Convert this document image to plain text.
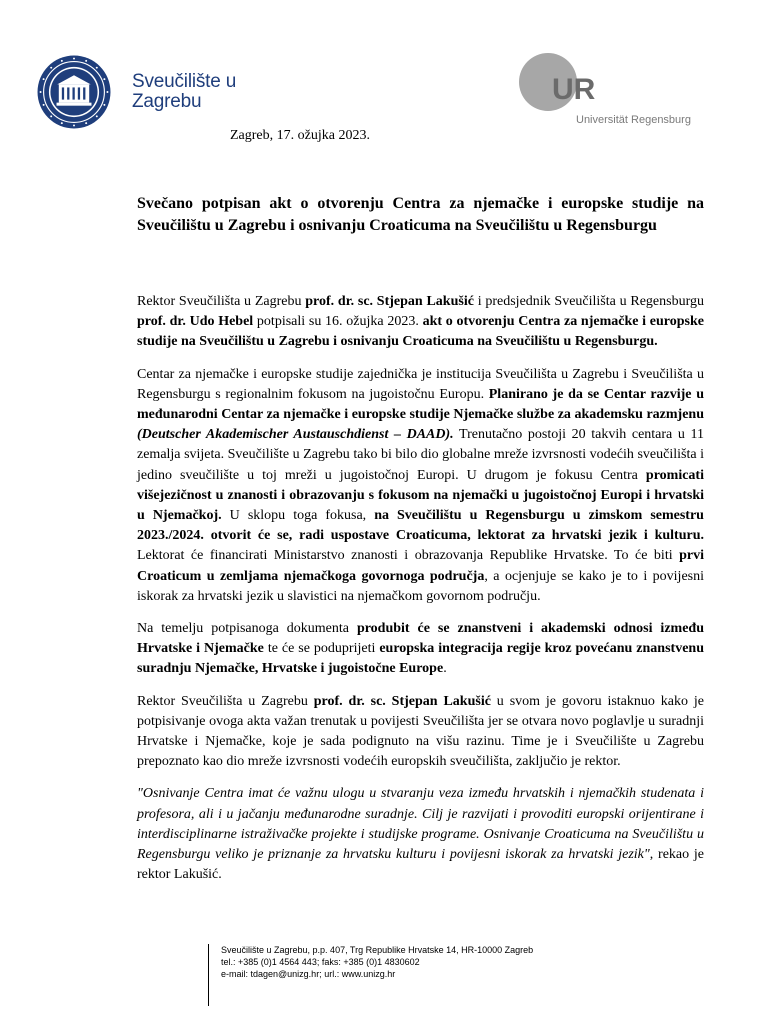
Sveučilište u
Zagrebu	UR
Universität Regensburg
Zagreb, 17. ožujka 2023.
Svečano potpisan akt o otvorenju Centra za njemačke i europske studije na Sveučilištu u Zagrebu i osnivanju Croaticuma na Sveučilištu u Regensburgu

Rektor Sveučilišta u Zagrebu prof. dr. sc. Stjepan Lakušić i predsjednik Sveučilišta u Regensburgu prof. dr. Udo Hebel potpisali su 16. ožujka 2023. akt o otvorenju Centra za njemačke i europske studije na Sveučilištu u Zagrebu i osnivanju Croaticuma na Sveučilištu u Regensburgu.

Centar za njemačke i europske studije zajednička je institucija Sveučilišta u Zagrebu i Sveučilišta u Regensburgu s regionalnim fokusom na jugoistočnu Europu. Planirano je da se Centar razvije u međunarodni Centar za njemačke i europske studije Njemačke službe za akademsku razmjenu (Deutscher Akademischer Austauschdienst – DAAD). Trenutačno postoji 20 takvih centara u 11 zemalja svijeta. Sveučilište u Zagrebu tako bi bilo dio globalne mreže izvrsnosti vodećih sveučilišta i jedino sveučilište u toj mreži u jugoistočnoj Europi. U drugom je fokusu Centra promicati višejezičnost u znanosti i obrazovanju s fokusom na njemački u jugoistočnoj Europi i hrvatski u Njemačkoj. U sklopu toga fokusa, na Sveučilištu u Regensburgu u zimskom semestru 2023./2024. otvorit će se, radi uspostave Croaticuma, lektorat za hrvatski jezik i kulturu. Lektorat će financirati Ministarstvo znanosti i obrazovanja Republike Hrvatske. To će biti prvi Croaticum u zemljama njemačkoga govornoga područja, a ocjenjuje se kako je to i povijesni iskorak za hrvatski jezik u slavistici na njemačkom govornom području.

Na temelju potpisanoga dokumenta produbit će se znanstveni i akademski odnosi između Hrvatske i Njemačke te će se poduprijeti europska integracija regije kroz povećanu znanstvenu suradnju Njemačke, Hrvatske i jugoistočne Europe.

Rektor Sveučilišta u Zagrebu prof. dr. sc. Stjepan Lakušić u svom je govoru istaknuo kako je potpisivanje ovoga akta važan trenutak u povijesti Sveučilišta jer se otvara novo poglavlje u suradnji Hrvatske i Njemačke, koje je sada podignuto na višu razinu. Time je i Sveučilište u Zagrebu prepoznato kao dio mreže izvrsnosti vodećih europskih sveučilišta, zaključio je rektor.

"Osnivanje Centra imat će važnu ulogu u stvaranju veza između hrvatskih i njemačkih studenata i profesora, ali i u jačanju međunarodne suradnje. Cilj je razvijati i provoditi europski orijentirane i interdisciplinarne istraživačke projekte i studijske programe. Osnivanje Croaticuma na Sveučilištu u Regensburgu veliko je priznanje za hrvatsku kulturu i povijesni iskorak za hrvatski jezik", rekao je rektor Lakušić.

Sveučilište u Zagrebu, p.p. 407, Trg Republike Hrvatske 14, HR-10000 Zagreb
tel.: +385 (0)1 4564 443; faks: +385 (0)1 4830602
e-mail: tdagen@unizg.hr; url.: www.unizg.hr
